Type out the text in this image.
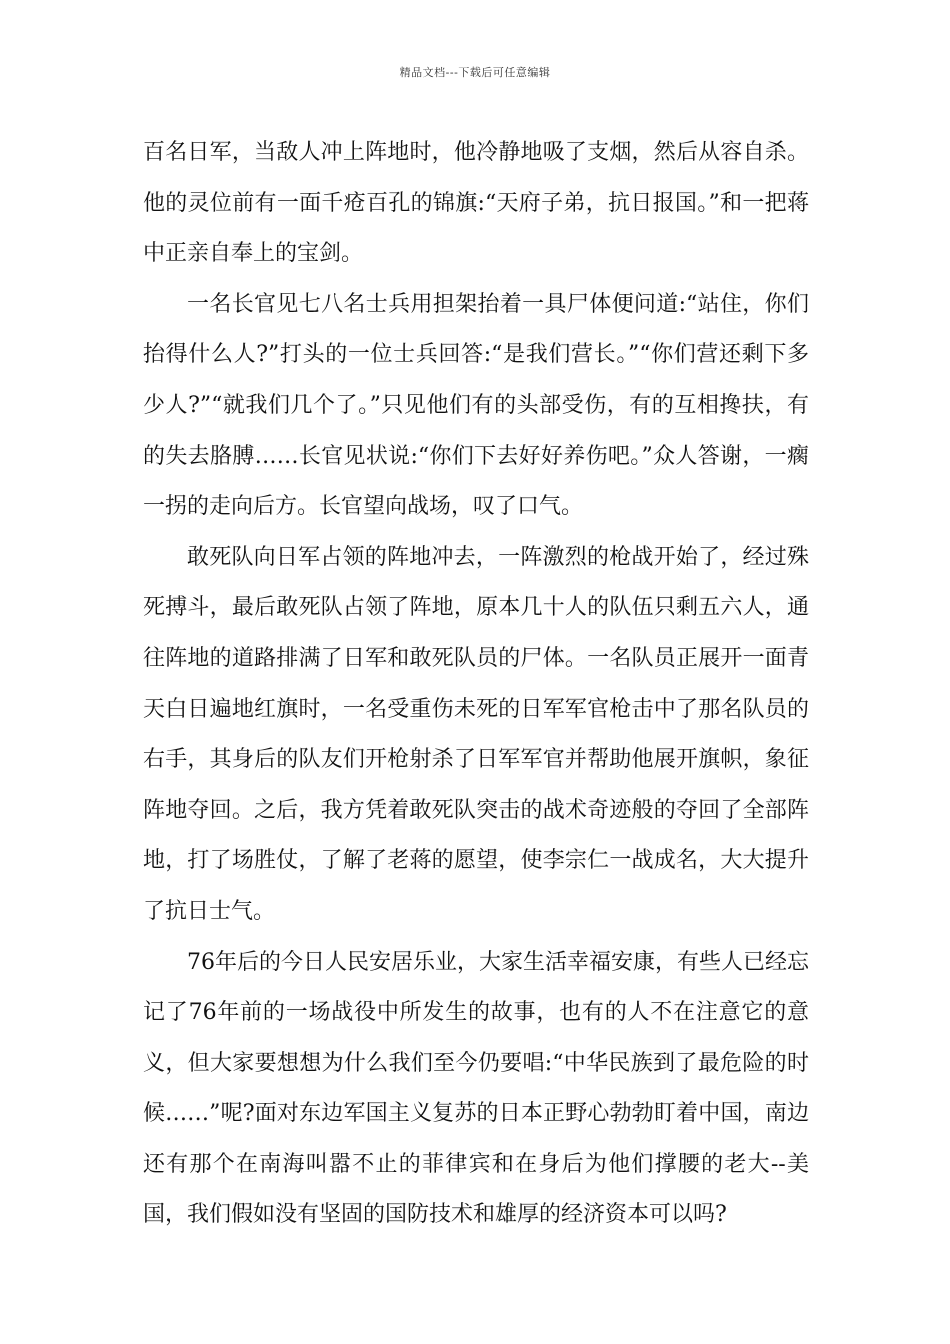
精品文档---下载后可任意编辑

百名日军，当敌人冲上阵地时，他冷静地吸了支烟，然后从容自杀。他的灵位前有一面千疮百孔的锦旗:“天府子弟，抗日报国。”和一把蒋中正亲自奉上的宝剑。

一名长官见七八名士兵用担架抬着一具尸体便问道:“站住，你们抬得什么人?”打头的一位士兵回答:“是我们营长。”“你们营还剩下多少人?”“就我们几个了。”只见他们有的头部受伤，有的互相搀扶，有的失去胳膊……长官见状说:“你们下去好好养伤吧。”众人答谢，一瘸一拐的走向后方。长官望向战场，叹了口气。

敢死队向日军占领的阵地冲去，一阵激烈的枪战开始了，经过殊死搏斗，最后敢死队占领了阵地，原本几十人的队伍只剩五六人，通往阵地的道路排满了日军和敢死队员的尸体。一名队员正展开一面青天白日遍地红旗时，一名受重伤未死的日军军官枪击中了那名队员的右手，其身后的队友们开枪射杀了日军军官并帮助他展开旗帜，象征阵地夺回。之后，我方凭着敢死队突击的战术奇迹般的夺回了全部阵地，打了场胜仗，了解了老蒋的愿望，使李宗仁一战成名，大大提升了抗日士气。

76年后的今日人民安居乐业，大家生活幸福安康，有些人已经忘记了76年前的一场战役中所发生的故事，也有的人不在注意它的意义，但大家要想想为什么我们至今仍要唱:“中华民族到了最危险的时候……”呢?面对东边军国主义复苏的日本正野心勃勃盯着中国，南边还有那个在南海叫嚣不止的菲律宾和在身后为他们撑腰的老大--美国，我们假如没有坚固的国防技术和雄厚的经济资本可以吗?
